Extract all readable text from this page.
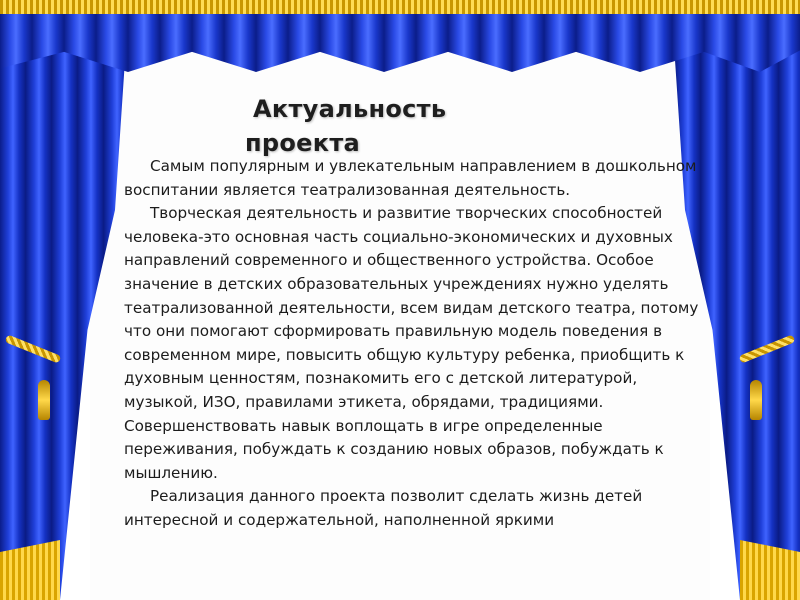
Актуальность проекта

Самым популярным и увлекательным направлением в дошкольном воспитании является театрализованная деятельность.

Творческая деятельность и развитие творческих способностей человека-это основная часть социально-экономических и духовных направлений современного и общественного устройства. Особое значение в детских образовательных учреждениях нужно уделять театрализованной деятельности, всем видам детского театра, потому что они помогают сформировать правильную модель поведения в современном мире, повысить общую культуру ребенка, приобщить к духовным ценностям, познакомить его с детской литературой, музыкой, ИЗО, правилами этикета, обрядами, традициями. Совершенствовать навык воплощать в игре определенные переживания, побуждать к созданию новых образов, побуждать к мышлению.

Реализация данного проекта позволит сделать жизнь детей интересной и содержательной, наполненной яркими
